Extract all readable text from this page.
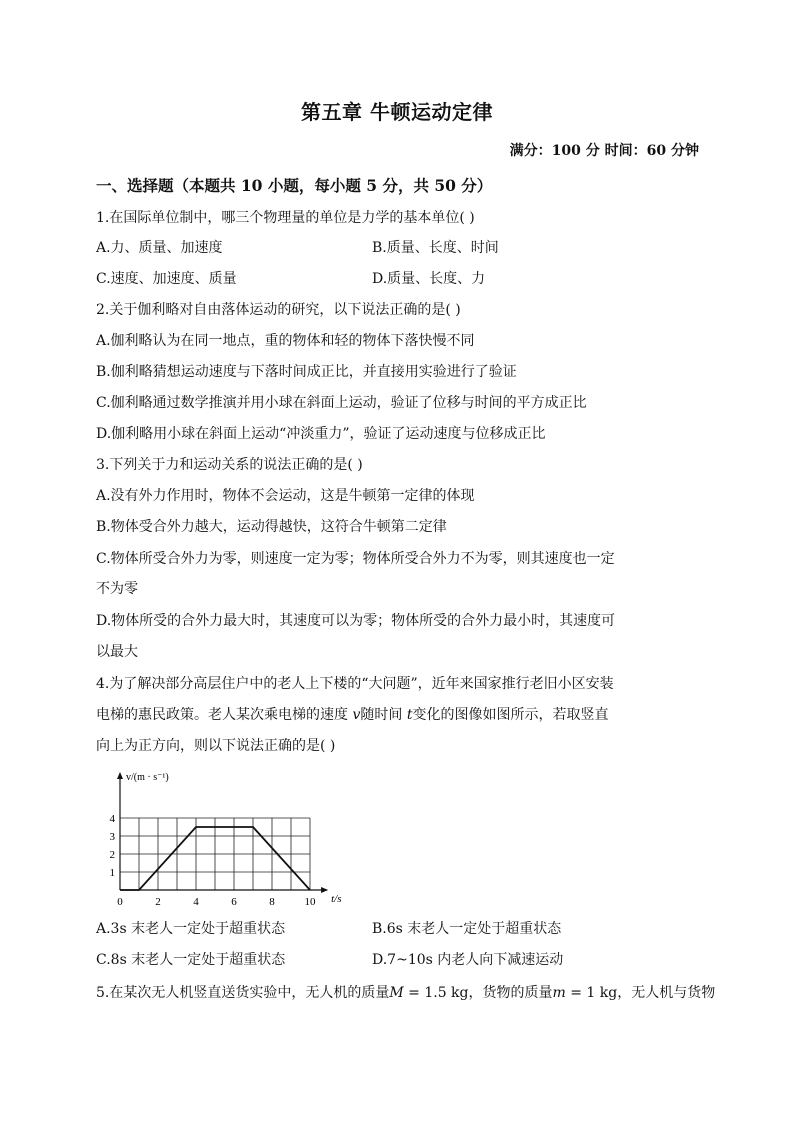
第五章 牛顿运动定律
满分：100 分 时间：60 分钟
一、选择题（本题共 10 小题，每小题 5 分，共 50 分）
1.在国际单位制中，哪三个物理量的单位是力学的基本单位( )
A.力、质量、加速度	B.质量、长度、时间
C.速度、加速度、质量	D.质量、长度、力
2.关于伽利略对自由落体运动的研究，以下说法正确的是( )
A.伽利略认为在同一地点，重的物体和轻的物体下落快慢不同
B.伽利略猜想运动速度与下落时间成正比，并直接用实验进行了验证
C.伽利略通过数学推演并用小球在斜面上运动，验证了位移与时间的平方成正比
D.伽利略用小球在斜面上运动“冲淡重力”，验证了运动速度与位移成正比
3.下列关于力和运动关系的说法正确的是( )
A.没有外力作用时，物体不会运动，这是牛顿第一定律的体现
B.物体受合外力越大，运动得越快，这符合牛顿第二定律
C.物体所受合外力为零，则速度一定为零；物体所受合外力不为零，则其速度也一定
不为零
D.物体所受的合外力最大时，其速度可以为零；物体所受的合外力最小时，其速度可
以最大
4.为了解决部分高层住户中的老人上下楼的“大问题”，近年来国家推行老旧小区安装
电梯的惠民政策。老人某次乘电梯的速度 v随时间 t变化的图像如图所示，若取竖直
向上为正方向，则以下说法正确的是( )
0	2	4	6	8	10
1
2
3
4
v/(m · s⁻¹)
t/s
A.3s 末老人一定处于超重状态	B.6s 末老人一定处于超重状态
C.8s 末老人一定处于超重状态	D.7~10s 内老人向下减速运动
5.在某次无人机竖直送货实验中，无人机的质量M = 1.5 kg，货物的质量m = 1 kg，无人机与货物
